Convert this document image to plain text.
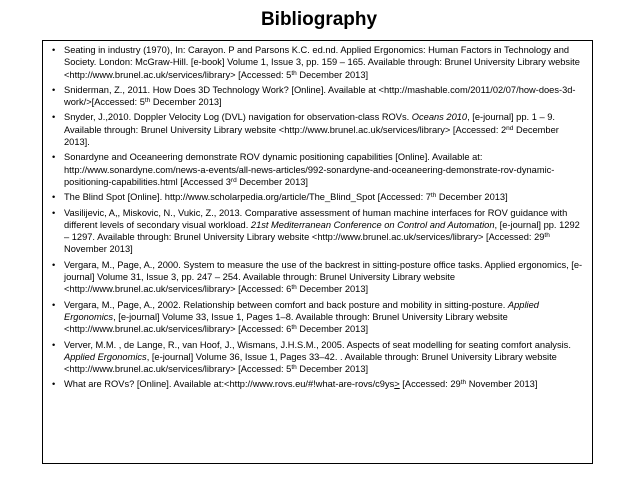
Bibliography
• Seating in industry (1970), In: Carayon. P and Parsons K.C. ed.nd. Applied Ergonomics: Human Factors in Technology and Society. London: McGraw-Hill. [e-book] Volume 1, Issue 3, pp. 159 – 165. Available through: Brunel University Library website <http://www.brunel.ac.uk/services/library> [Accessed: 5th December 2013]
• Sniderman, Z., 2011. How Does 3D Technology Work? [Online]. Available at <http://mashable.com/2011/02/07/how-does-3d-work/>[Accessed: 5th December 2013]
• Snyder, J.,2010. Doppler Velocity Log (DVL) navigation for observation-class ROVs. Oceans 2010, [e-journal] pp. 1 – 9. Available through: Brunel University Library website <http://www.brunel.ac.uk/services/library> [Accessed: 2nd December 2013].
• Sonardyne and Oceaneering demonstrate ROV dynamic positioning capabilities [Online]. Available at: http://www.sonardyne.com/news-a-events/all-news-articles/992-sonardyne-and-oceaneering-demonstrate-rov-dynamic-positioning-capabilities.html [Accessed 3rd December 2013]
• The Blind Spot [Online]. http://www.scholarpedia.org/article/The_Blind_Spot [Accessed: 7th December 2013]
• Vasilijevic, A,, Miskovic, N., Vukic, Z., 2013. Comparative assessment of human machine interfaces for ROV guidance with different levels of secondary visual workload. 21st Mediterranean Conference on Control and Automation, [e-journal] pp. 1292 – 1297. Available through: Brunel University Library website <http://www.brunel.ac.uk/services/library> [Accessed: 29th November 2013]
• Vergara, M., Page, A., 2000. System to measure the use of the backrest in sitting-posture office tasks. Applied ergonomics, [e-journal] Volume 31, Issue 3, pp. 247 – 254. Available through: Brunel University Library website <http://www.brunel.ac.uk/services/library> [Accessed: 6th December 2013]
• Vergara, M., Page, A., 2002. Relationship between comfort and back posture and mobility in sitting-posture. Applied Ergonomics, [e-journal] Volume 33, Issue 1, Pages 1–8. Available through: Brunel University Library website <http://www.brunel.ac.uk/services/library> [Accessed: 6th December 2013]
• Verver, M.M. , de Lange, R., van Hoof, J., Wismans, J.H.S.M., 2005. Aspects of seat modelling for seating comfort analysis. Applied Ergonomics, [e-journal] Volume 36, Issue 1, Pages 33–42. . Available through: Brunel University Library website <http://www.brunel.ac.uk/services/library> [Accessed: 5th December 2013]
• What are ROVs? [Online]. Available at:<http://www.rovs.eu/#!what-are-rovs/c9ys> [Accessed: 29th November 2013]
